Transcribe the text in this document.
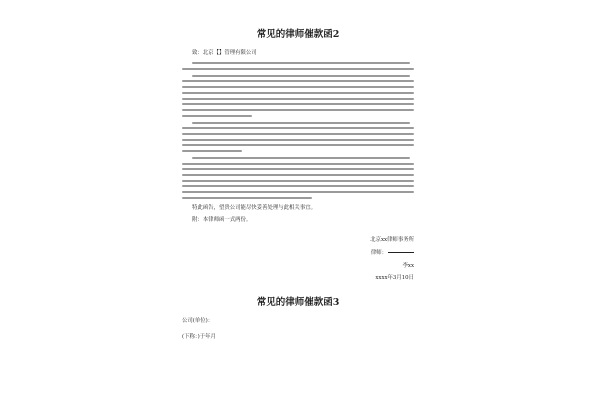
常见的律师催款函2
致：北京【】管理有限公司
特此函告，望贵公司能尽快妥善处理与此相关事宜。
附：本律师函一式两份。
北京xx律师事务所
律师：
李xx
xxxx年3月10日
常见的律师催款函3
公司(单位)：
(下称：)于年月
